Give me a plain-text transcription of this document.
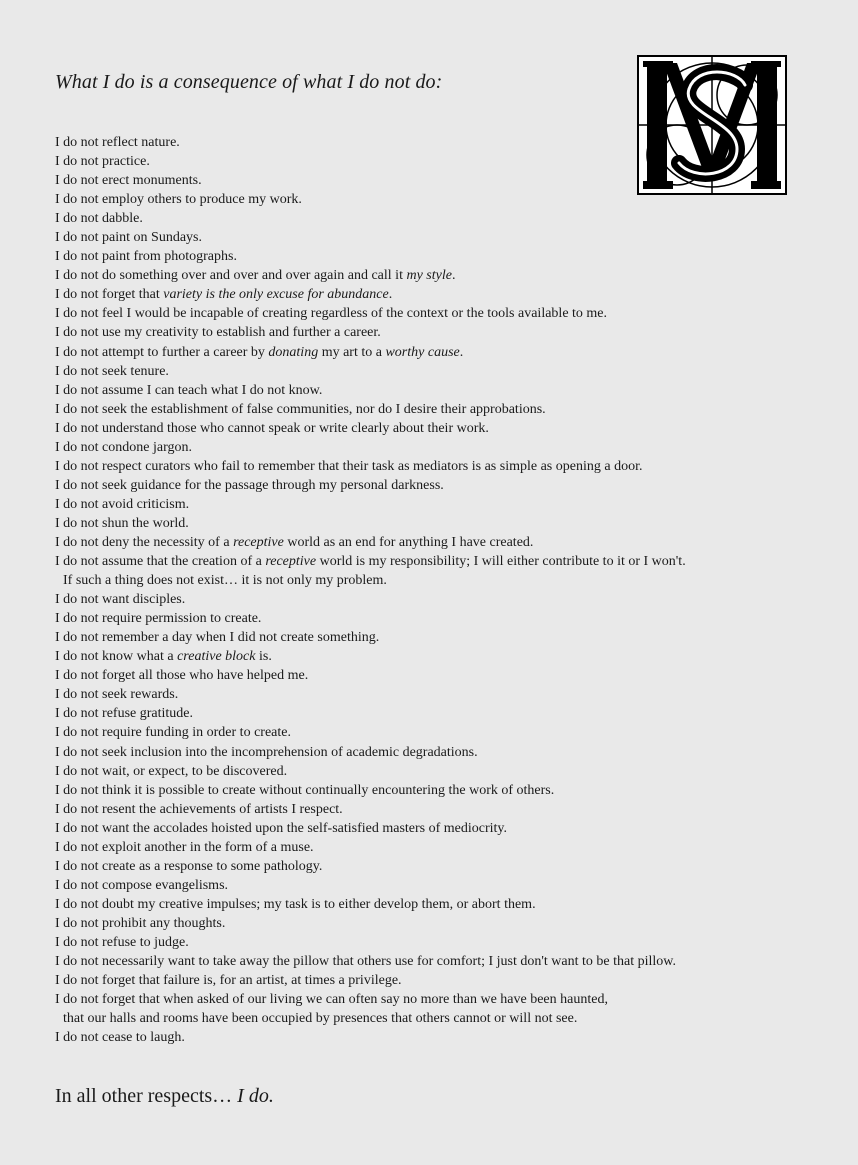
What I do is a consequence of what I do not do:
I do not reflect nature.
I do not practice.
I do not erect monuments.
I do not employ others to produce my work.
I do not dabble.
I do not paint on Sundays.
I do not paint from photographs.
I do not do something over and over and over again and call it my style.
I do not forget that variety is the only excuse for abundance.
I do not feel I would be incapable of creating regardless of the context or the tools available to me.
I do not use my creativity to establish and further a career.
I do not attempt to further a career by donating my art to a worthy cause.
I do not seek tenure.
I do not assume I can teach what I do not know.
I do not seek the establishment of false communities, nor do I desire their approbations.
I do not understand those who cannot speak or write clearly about their work.
I do not condone jargon.
I do not respect curators who fail to remember that their task as mediators is as simple as opening a door.
I do not seek guidance for the passage through my personal darkness.
I do not avoid criticism.
I do not shun the world.
I do not deny the necessity of a receptive world as an end for anything I have created.
I do not assume that the creation of a receptive world is my responsibility; I will either contribute to it or I won't.
If such a thing does not exist… it is not only my problem.
I do not want disciples.
I do not require permission to create.
I do not remember a day when I did not create something.
I do not know what a creative block is.
I do not forget all those who have helped me.
I do not seek rewards.
I do not refuse gratitude.
I do not require funding in order to create.
I do not seek inclusion into the incomprehension of academic degradations.
I do not wait, or expect, to be discovered.
I do not think it is possible to create without continually encountering the work of others.
I do not resent the achievements of artists I respect.
I do not want the accolades hoisted upon the self-satisfied masters of mediocrity.
I do not exploit another in the form of a muse.
I do not create as a response to some pathology.
I do not compose evangelisms.
I do not doubt my creative impulses; my task is to either develop them, or abort them.
I do not prohibit any thoughts.
I do not refuse to judge.
I do not necessarily want to take away the pillow that others use for comfort; I just don't want to be that pillow.
I do not forget that failure is, for an artist, at times a privilege.
I do not forget that when asked of our living we can often say no more than we have been haunted,
that our halls and rooms have been occupied by presences that others cannot or will not see.
I do not cease to laugh.

In all other respects… I do.
